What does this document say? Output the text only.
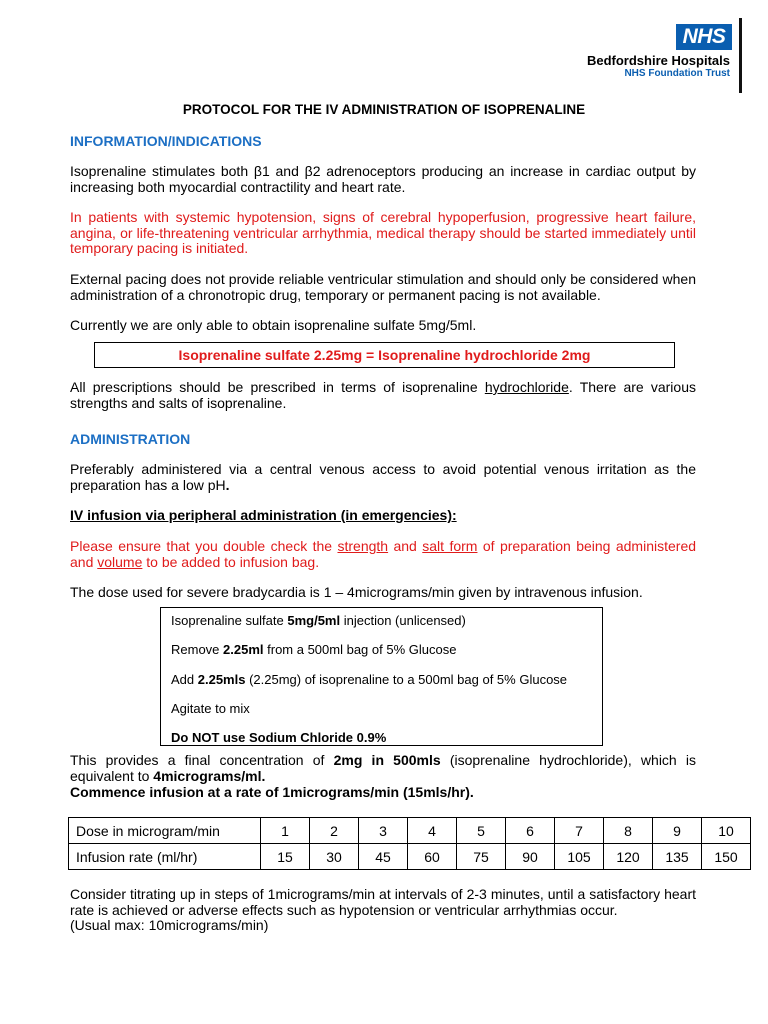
NHS
Bedfordshire Hospitals
NHS Foundation Trust
PROTOCOL FOR THE IV ADMINISTRATION OF ISOPRENALINE
INFORMATION/INDICATIONS
Isoprenaline stimulates both β1 and β2 adrenoceptors producing an increase in cardiac output by increasing both myocardial contractility and heart rate.
In patients with systemic hypotension, signs of cerebral hypoperfusion, progressive heart failure, angina, or life-threatening ventricular arrhythmia, medical therapy should be started immediately until temporary pacing is initiated.
External pacing does not provide reliable ventricular stimulation and should only be considered when administration of a chronotropic drug, temporary or permanent pacing is not available.
Currently we are only able to obtain isoprenaline sulfate 5mg/5ml.
Isoprenaline sulfate 2.25mg = Isoprenaline hydrochloride 2mg
All prescriptions should be prescribed in terms of isoprenaline hydrochloride. There are various strengths and salts of isoprenaline.
ADMINISTRATION
Preferably administered via a central venous access to avoid potential venous irritation as the preparation has a low pH.
IV infusion via peripheral administration (in emergencies):
Please ensure that you double check the strength and salt form of preparation being administered and volume to be added to infusion bag.
The dose used for severe bradycardia is 1 – 4micrograms/min given by intravenous infusion.
Isoprenaline sulfate 5mg/5ml injection (unlicensed)
Remove 2.25ml from a 500ml bag of 5% Glucose
Add 2.25mls (2.25mg) of isoprenaline to a 500ml bag of 5% Glucose
Agitate to mix
Do NOT use Sodium Chloride 0.9%
This provides a final concentration of 2mg in 500mls (isoprenaline hydrochloride), which is equivalent to 4micrograms/ml.
Commence infusion at a rate of 1micrograms/min (15mls/hr).
Dose in microgram/min	1	2	3	4	5	6	7	8	9	10
Infusion rate (ml/hr)	15	30	45	60	75	90	105	120	135	150
Consider titrating up in steps of 1micrograms/min at intervals of 2-3 minutes, until a satisfactory heart rate is achieved or adverse effects such as hypotension or ventricular arrhythmias occur.
(Usual max: 10micrograms/min)
